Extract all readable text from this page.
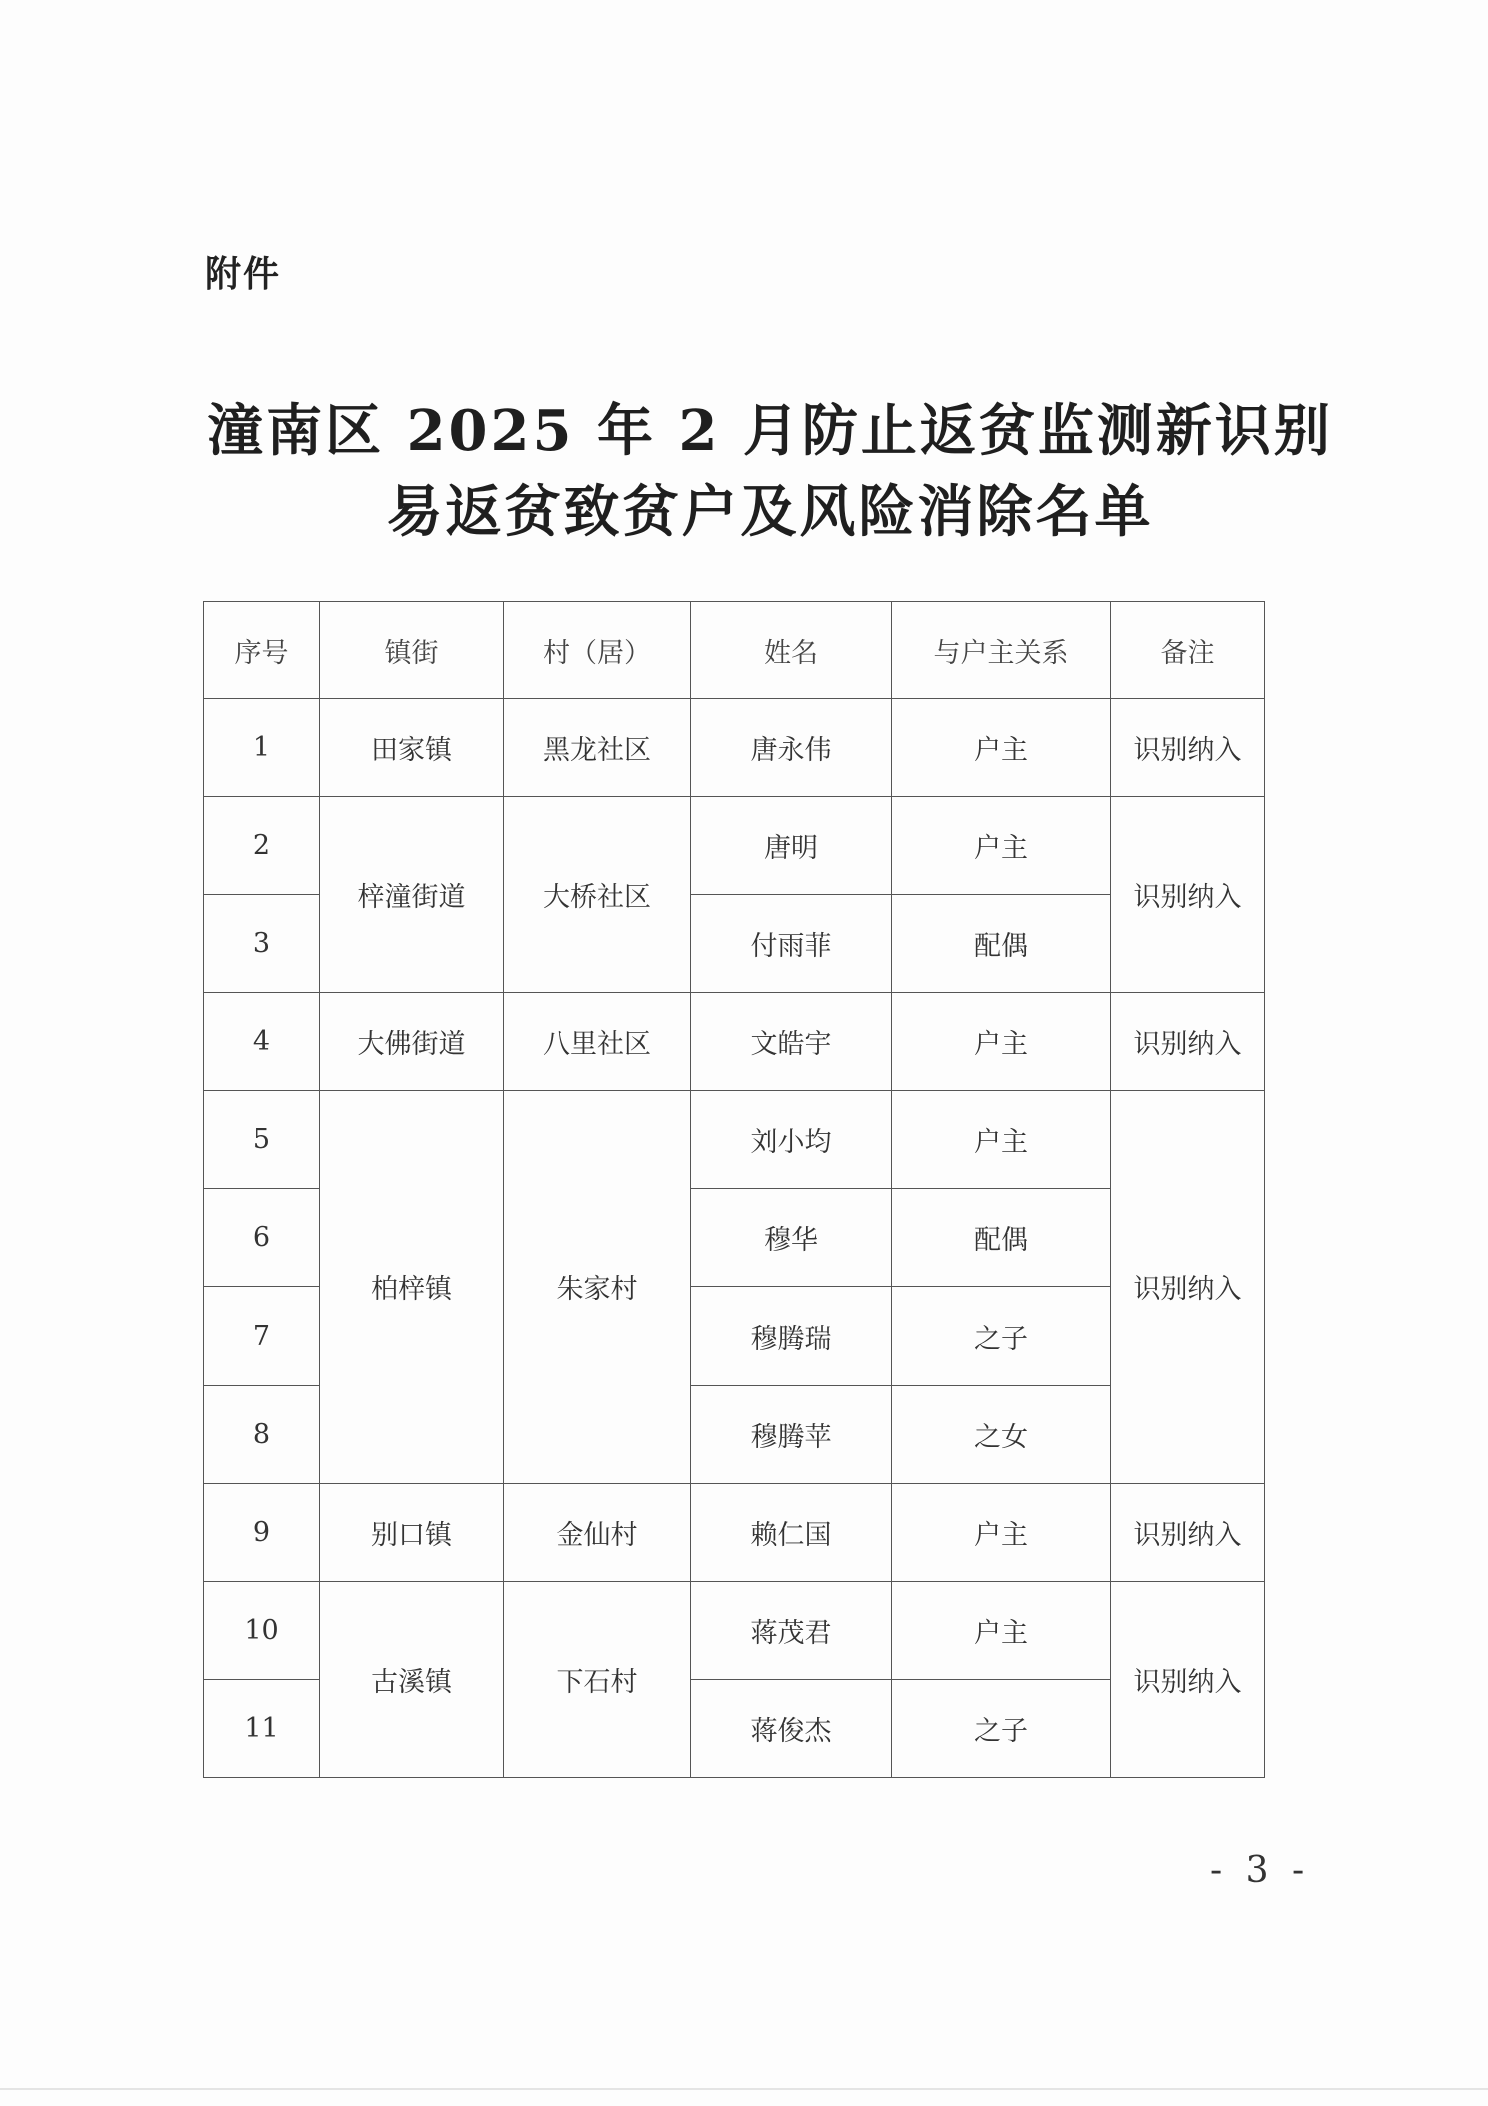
附件
潼南区 2025 年 2 月防止返贫监测新识别
易返贫致贫户及风险消除名单
序号	镇街	村（居）	姓名	与户主关系	备注
1	田家镇	黑龙社区	唐永伟	户主	识别纳入
2	梓潼街道	大桥社区	唐明	户主	识别纳入
3			付雨菲	配偶	
4	大佛街道	八里社区	文皓宇	户主	识别纳入
5	柏梓镇	朱家村	刘小均	户主	识别纳入
6			穆华	配偶	
7			穆腾瑞	之子	
8			穆腾苹	之女	
9	别口镇	金仙村	赖仁国	户主	识别纳入
10	古溪镇	下石村	蒋茂君	户主	识别纳入
11			蒋俊杰	之子	
- 3 -
